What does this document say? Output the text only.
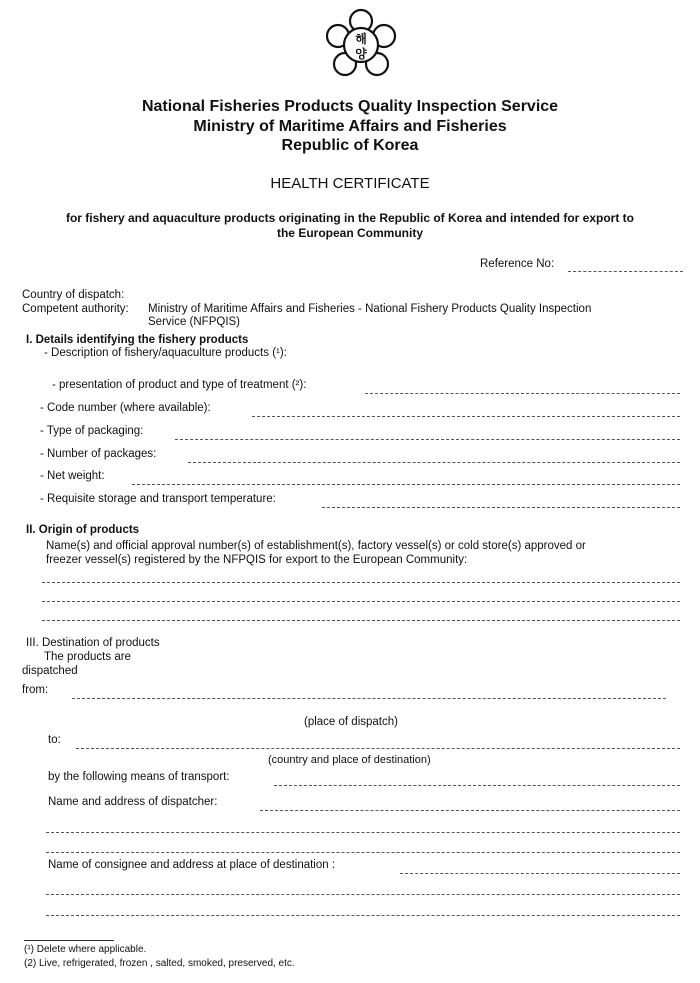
해
양
National Fisheries Products Quality Inspection Service
Ministry of Maritime Affairs and Fisheries
Republic of Korea
HEALTH CERTIFICATE
for fishery and aquaculture products originating in the Republic of Korea and intended for export to
the European Community
Reference No:
Country of dispatch:
Competent authority: Ministry of Maritime Affairs and Fisheries - National Fishery Products Quality Inspection
Service (NFPQIS)
I. Details identifying the fishery products
- Description of fishery/aquaculture products (¹):
- presentation of product and type of treatment (²):
- Code number (where available):
- Type of packaging:
- Number of packages:
- Net weight:
- Requisite storage and transport temperature:
II. Origin of products
Name(s) and official approval number(s) of establishment(s), factory vessel(s) or cold store(s) approved or
freezer vessel(s) registered by the NFPQIS for export to the European Community:
III. Destination of products
The products are
dispatched
from:
(place of dispatch)
to:
(country and place of destination)
by the following means of transport:
Name and address of dispatcher:
Name of consignee and address at place of destination :
(¹) Delete where applicable.
(2) Live, refrigerated, frozen , salted, smoked, preserved, etc.
